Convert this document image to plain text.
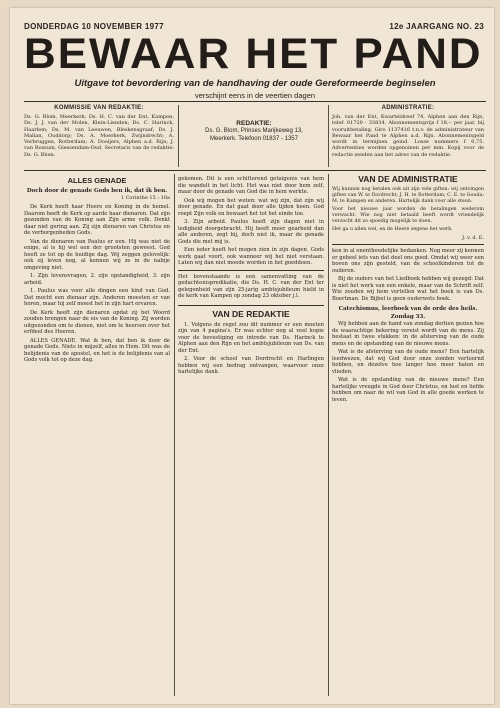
DONDERDAG 10 NOVEMBER 1977	12e JAARGANG NO. 23
BEWAAR HET PAND
Uitgave tot bevordering van de handhaving der oude Gereformeerde beginselen
verschijnt eens in de veertien dagen
KOMMISSIE VAN REDAKTIE:
Ds. G. Blom, Meerkerk; Ds. H. C. van der Ent, Kampen; Ds. J. J. van der Molen, Klein-Lienden; Ds. C. Harinck, Haarlem; Ds. M. van Leeuwen, Bleskensgraaf; Ds. J. Mallan, Ouddorp; Ds. A. Moerkerk, Zwijndrecht; A. Verbruggen, Rotterdam; A. Dooijers, Alphen a.d. Rijn; J. van Rossum, Giessendam-Oud. Secretaris van de redaktie: Ds. G. Blom.
REDAKTIE:
Ds. G. Blom, Prinses Marijkeweg 13,
Meerkerk. Telefoon 01837 - 1357
ADMINISTRATIE:
Joh. van der Ent, Kwarteldreef 74, Alphen aan den Rijn, telef. 01720 - 33834. Abonnementsprijs f 18,-- per jaar, bij vooruitbetaling. Giro 1137416 t.n.v. de administrateur van Bewaar het Pand te Alphen a.d. Rijn. Abonnementsgeld wordt in termijnen geind. Losse nummers f 0,75. Advertenties worden opgenomen per mm. Kopij voor de redactie zenden aan het adres van de redaktie.
ALLES GENADE
Doch door de genade Gods ben ik, dat ik ben.
1 Corinthe 15 : 10a

De Kerk heeft haar Heere en Koning in de hemel. Daarom heeft de Kerk op aarde haar dienaren. Dat zijn gezonden van de Koning aan Zijn arme volk. Denkt daar niet gering aan. Zij zijn dienaren van Christus en de verborgenheden Gods.

Van de dienaren van Paulus er een. Hij was niet de enige, al is hij wel een der grootsten geweest. God heeft ze tot op de huidige dag. Wij zeggen gelovelijk: ook zij leven nog, al kennen wij ze in de nabije omgeving niet.

1. Zijn levensvragen, 2. zijn opstandigheid, 3. zijn arbeid.

1. Paulus was voor alle dingen een kind van God. Dat mocht een dienaar zijn. Anderen moesten er van horen, maar hij zelf moest het in zijn hart ervaren.

De Kerk heeft zijn dienaren opdat zij het Woord zouden brengen naar de eis van de Koning. Zij worden uitgezonden om te dienen, niet om te heersen over het erfdeel des Heeren.

ALLES GENADE. Wat ik ben, dat ben ik door de genade Gods. Niets in mijzelf, alles in Hem. Dit was de belijdenis van de apostel, en het is de belijdenis van al Gods volk tot op deze dag.

gekomen. Dit is een schitterend getuigenis van hem die wandelt in het licht. Het was niet door hem zelf, maar door de genade van God die in hem werkte.

Ook wij mogen het weten: wat wij zijn, dat zijn wij door genade. En dat gaat door alle tijden heen. God roept Zijn volk en bewaart het tot het einde toe.

3. Zijn arbeid. Paulus heeft zijn dagen niet in ledigheid doorgebracht. Hij heeft meer gearbeid dan alle anderen, zegt hij, doch niet ik, maar de genade Gods die met mij is.

Een ieder heeft het mogen zien in zijn dagen. Gods werk gaat voort, ook wanneer wij het niet verstaan. Laten wij dan niet moede worden in het goeddoen.

Het bovenstaande is een samenvatting van de gedachtenispredikatie, die Ds. H. C. van der Ent ter gelegenheid van zijn 25-jarig ambtsjubileum hield in de kerk van Kampen op zondag 23 oktober j.l.

VAN DE REDAKTIE

1. Volgens de regel zou dit nummer er een moeten zijn van 4 pagina's. Er was echter nog al veel kopie voor de bevestiging en intrede van Ds. Harinck te Alphen aan den Rijn en het ambtsjubileum van Ds. van der Ent.

2. Voor de school van Dordrecht en Harlingen hebben wij een bedrag ontvangen, waarvoor onze hartelijke dank.

VAN DE ADMINISTRATIE

Wij kunnen nog betalen ook uit zijn vele giften: wij ontvingen giften van W. te Dordrecht; J. H. te Rotterdam; C. E. te Gouda; M. te Kampen en anderen. Hartelijk dank voor alle steun.

Voor het nieuwe jaar worden de betalingen wederom verwacht. Wie nog niet betaald heeft wordt vriendelijk verzocht dit zo spoedig mogelijk te doen.

Het ga u allen wel, en de Heere zegene het werk.

J. v. d. E.

ken in al onenthoudelijke bedanken. Nog meer zij kennen er geheel iets van dat deel ons goed. Omdat wij weer een boven ons zijn gesteld, van de schoolkinderen tot de ouderen.

Bij de ouders van het Liedboek hebben wij gezegd: Dat is niet het werk van een enkele, maar van de Schrift zelf. Wie zouden wij hem vertellen wat het boek is van Ds. Boertman. De Bijbel is geen ouderwets boek.

Catechismus, leerboek van de orde des heils.
Zondag 33.

Wij hebben aan de hand van zondag dertien gezien hoe de waarachtige bekering vereist wordt van de mens. Zij bestaat in twee stukken: in de afsterving van de oude mens en de opstanding van de nieuwe mens.

Wat is de afsterving van de oude mens? Een hartelijk leedwezen, dat wij God door onze zonden vertoornd hebben, en dezelve hoe langer hoe meer haten en vlieden.

Wat is de opstanding van de nieuwe mens? Een hartelijke vreugde in God door Christus, en lust en liefde hebben om naar de wil van God in alle goede werken te leven.
